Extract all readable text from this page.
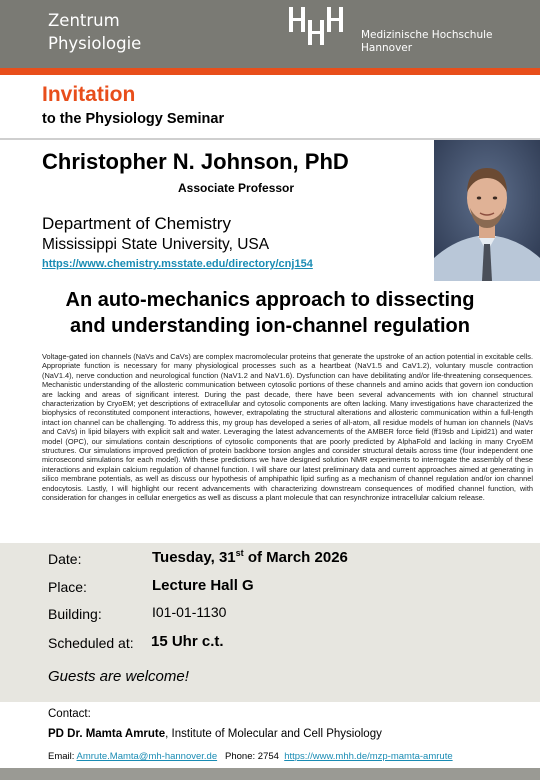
Zentrum
Physiologie	Medizinische Hochschule
Hannover
Invitation
to the Physiology Seminar
Christopher N. Johnson, PhD
Associate Professor
Department of Chemistry
Mississippi State University, USA
https://www.chemistry.msstate.edu/directory/cnj154
An auto-mechanics approach to dissecting
and understanding ion-channel regulation
Voltage-gated ion channels (NaVs and CaVs) are complex macromolecular proteins that generate the upstroke of an action potential in excitable cells. Appropriate function is necessary for many physiological processes such as a heartbeat (NaV1.5 and CaV1.2), voluntary muscle contraction (NaV1.4), nerve conduction and neurological function (NaV1.2 and NaV1.6). Dysfunction can have debilitating and/or life-threatening consequences. Mechanistic understanding of the allosteric communication between cytosolic portions of these channels and amino acids that govern ion conduction are lacking and areas of significant interest. During the past decade, there have been several advancements with ion channel structural characterization by CryoEM; yet descriptions of extracellular and cytosolic components are often lacking. Many investigations have characterized the biophysics of reconstituted component interactions, however, extrapolating the structural alterations and allosteric communication within a full-length intact ion channel can be challenging. To address this, my group has developed a series of all-atom, all residue models of human ion channels (NaVs and CaVs) in lipid bilayers with explicit salt and water. Leveraging the latest advancements of the AMBER force field (ff19sb and Lipid21) and water model (OPC), our simulations contain descriptions of cytosolic components that are poorly predicted by AlphaFold and lacking in many CryoEM structures. Our simulations improved prediction of protein backbone torsion angles and consider structural details across time (four independent one microsecond simulations for each model). With these predictions we have designed solution NMR experiments to interrogate the assembly of these interactions and explain calcium regulation of channel function. I will share our latest preliminary data and current approaches aimed at generating in silico membrane potentials, as well as discuss our hypothesis of amphipathic lipid surfing as a mechanism of channel regulation and/or ion channel endocytosis. Lastly, I will highlight our recent advancements with characterizing downstream consequences of modified channel function, with consideration for changes in cellular energetics as well as discuss a plant molecule that can resynchronize intracellular calcium release.
Date:	Tuesday, 31st of March 2026
Place:	Lecture Hall G
Building:	I01-01-1130
Scheduled at: 15 Uhr c.t.
Guests are welcome!
Contact:
PD Dr. Mamta Amrute, Institute of Molecular and Cell Physiology
Email: Amrute.Mamta@mh-hannover.de Phone: 2754 https://www.mhh.de/mzp-mamta-amrute
